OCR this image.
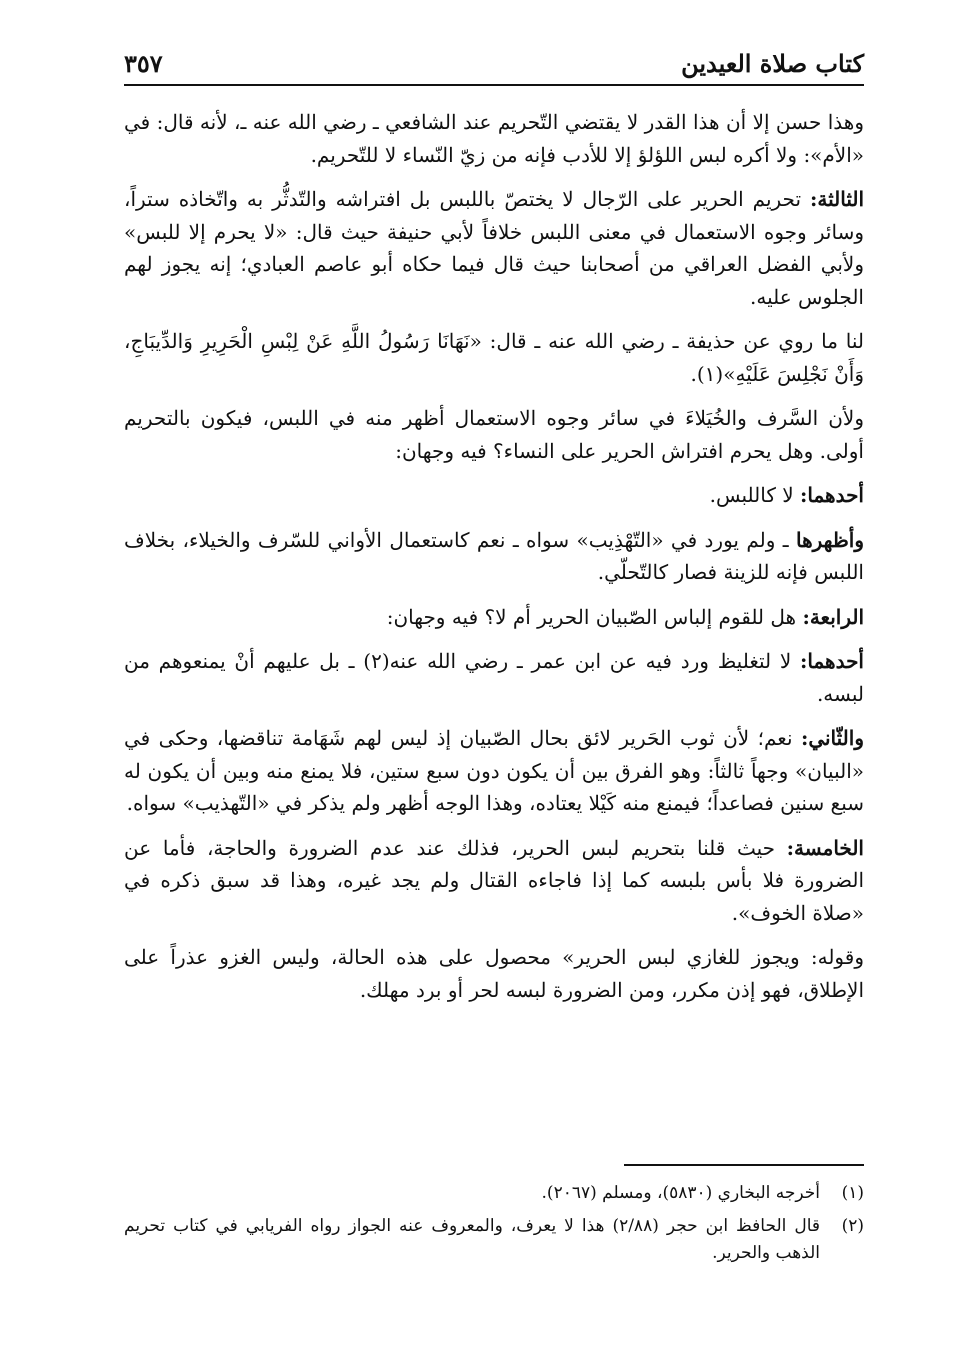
كتاب صلاة العيدين
٣٥٧

وهذا حسن إلا أن هذا القدر لا يقتضي التّحريم عند الشافعي ـ رضي الله عنه ـ، لأنه قال: في «الأم»: ولا أكره لبس اللؤلؤ إلا للأدب فإنه من زيّ النّساء لا للتّحريم.

الثالثة: تحريم الحرير على الرّجال لا يختصّ باللبس بل افتراشه والتّدثُّر به واتّخاذه ستراً، وسائر وجوه الاستعمال في معنى اللبس خلافاً لأبي حنيفة حيث قال: «لا يحرم إلا للبس» ولأبي الفضل العراقي من أصحابنا حيث قال فيما حكاه أبو عاصم العبادي؛ إنه يجوز لهم الجلوس عليه.

لنا ما روي عن حذيفة ـ رضي الله عنه ـ قال: «نَهَانَا رَسُولُ اللَّهِ عَنْ لِبْسِ الْحَرِيرِ وَالدِّيبَاجِ، وَأَنْ نَجْلِسَ عَلَيْهِ»(١).

ولأن السَّرف والخُيَلاءَ في سائر وجوه الاستعمال أظهر منه في اللبس، فيكون بالتحريم أولى. وهل يحرم افتراش الحرير على النساء؟ فيه وجهان:

أحدهما: لا كاللبس.

وأظهرها ـ ولم يورد في «التّهْذِيب» سواه ـ نعم كاستعمال الأواني للسّرف والخيلاء، بخلاف اللبس فإنه للزينة فصار كالتّحلّي.

الرابعة: هل للقوم إلباس الصّبيان الحرير أم لا؟ فيه وجهان:

أحدهما: لا لتغليظ ورد فيه عن ابن عمر ـ رضي الله عنه(٢) ـ بل عليهم أنْ يمنعوهم من لبسه.

والثّاني: نعم؛ لأن ثوب الحَرير لائق بحال الصّبيان إذ ليس لهم شَهَامة تناقضها، وحكى في «البيان» وجهاً ثالثاً: وهو الفرق بين أن يكون دون سبع ستين، فلا يمنع منه وبين أن يكون له سبع سنين فصاعداً؛ فيمنع منه كَيْلا يعتاده، وهذا الوجه أظهر ولم يذكر في «التّهذيب» سواه.

الخامسة: حيث قلنا بتحريم لبس الحرير، فذلك عند عدم الضرورة والحاجة، فأما عن الضرورة فلا بأس بلبسه كما إذا فاجاءه القتال ولم يجد غيره، وهذا قد سبق ذكره في «صلاة الخوف».

وقوله: ويجوز للغازي لبس الحرير» محصول على هذه الحالة، وليس الغزو عذراً على الإطلاق، فهو إذن مكرر، ومن الضرورة لبسه لحر أو برد مهلك.

(١)
أخرجه البخاري (٥٨٣٠)، ومسلم (٢٠٦٧).
(٢)
قال الحافظ ابن حجر (٢/٨٨) هذا لا يعرف، والمعروف عنه الجواز رواه الفريابي في كتاب تحريم الذهب والحرير.
